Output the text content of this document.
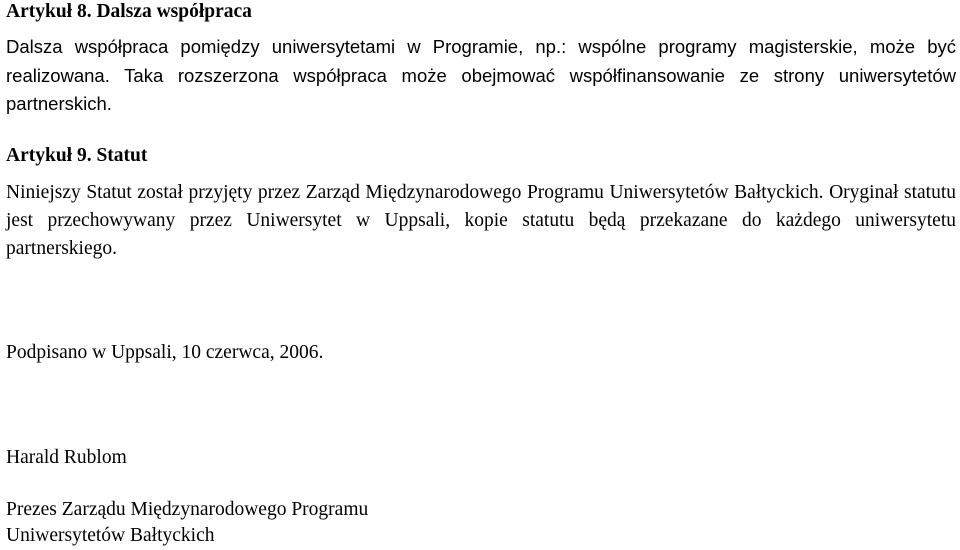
Artykuł 8. Dalsza współpraca

Dalsza współpraca pomiędzy uniwersytetami w Programie, np.: wspólne programy magisterskie, może być realizowana. Taka rozszerzona współpraca może obejmować współfinansowanie ze strony uniwersytetów partnerskich.

Artykuł 9. Statut

Niniejszy Statut został przyjęty przez Zarząd Międzynarodowego Programu Uniwersytetów Bałtyckich. Oryginał statutu jest przechowywany przez Uniwersytet w Uppsali, kopie statutu będą przekazane do każdego uniwersytetu partnerskiego.

Podpisano w Uppsali, 10 czerwca, 2006.

Harald Rublom

Prezes Zarządu Międzynarodowego Programu

Uniwersytetów Bałtyckich
